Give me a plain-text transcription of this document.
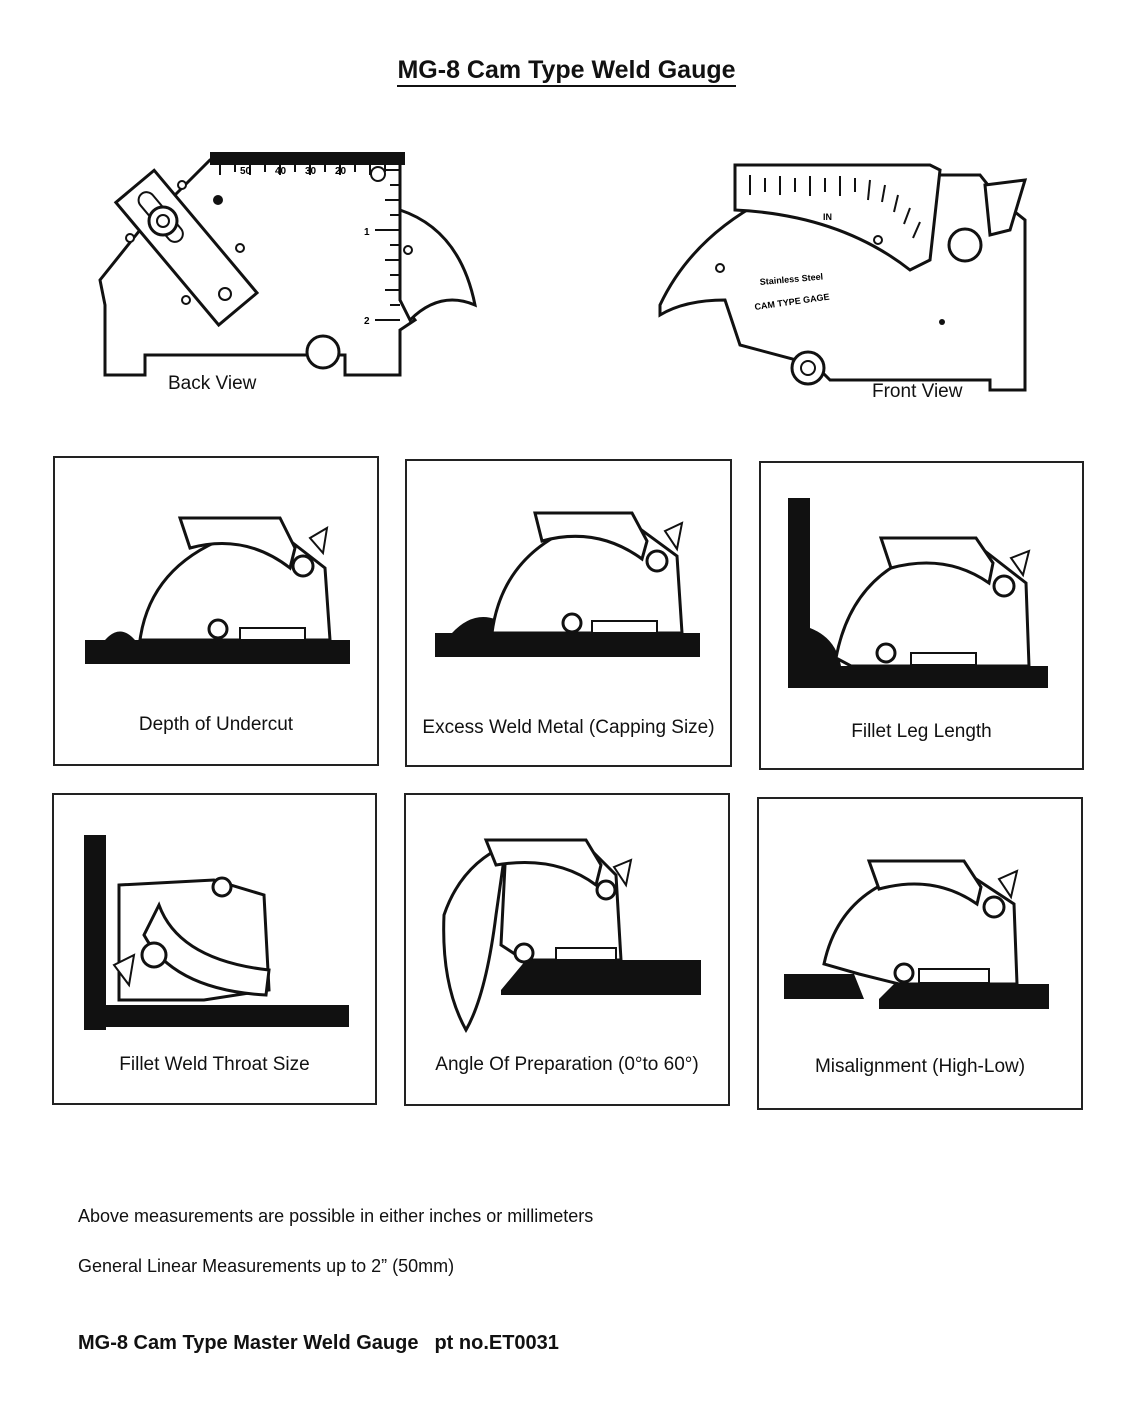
MG-8 Cam Type Weld Gauge
50 40 30 20
1
2
Back View
IN
Stainless Steel
CAM TYPE GAGE
Front View
Depth of Undercut	Excess Weld Metal (Capping Size)	Fillet Leg Length
Fillet Weld Throat Size	Angle Of Preparation (0°to 60°)	Misalignment (High-Low)
Above measurements are possible in either inches or millimeters
General Linear Measurements up to 2” (50mm)
MG-8 Cam Type Master Weld Gauge pt no.ET0031
